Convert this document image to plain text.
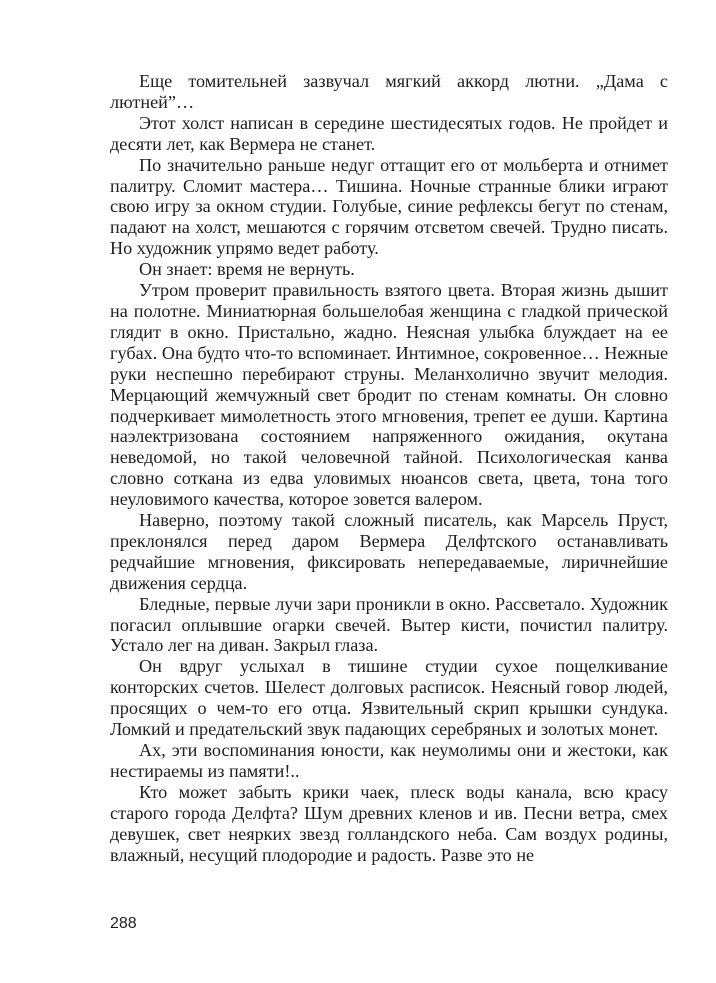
Еще томительней зазвучал мягкий аккорд лютни. „Дама с лютней”…

Этот холст написан в середине шестидесятых годов. Не пройдет и десяти лет, как Вермера не станет.

По значительно раньше недуг оттащит его от мольберта и отнимет палитру. Сломит мастера… Тишина. Ночные странные блики играют свою игру за окном студии. Голубые, синие рефлексы бегут по стенам, падают на холст, мешаются с горячим отсветом свечей. Трудно писать. Но художник упрямо ведет работу.

Он знает: время не вернуть.

Утром проверит правильность взятого цвета. Вторая жизнь дышит на полотне. Миниатюрная большелобая женщина с гладкой прической глядит в окно. Пристально, жадно. Неясная улыбка блуждает на ее губах. Она будто что-то вспоминает. Интимное, сокровенное… Нежные руки неспешно перебирают струны. Меланхолично звучит мелодия. Мерцающий жемчужный свет бродит по стенам комнаты. Он словно подчеркивает мимолетность этого мгновения, трепет ее души. Картина наэлектризована состоянием напряженного ожидания, окутана неведомой, но такой человечной тайной. Психологическая канва словно соткана из едва уловимых нюансов света, цвета, тона того неуловимого качества, которое зовется валером.

Наверно, поэтому такой сложный писатель, как Марсель Пруст, преклонялся перед даром Вермера Делфтского останавливать редчайшие мгновения, фиксировать непередаваемые, лиричнейшие движения сердца.

Бледные, первые лучи зари проникли в окно. Рассветало. Художник погасил оплывшие огарки свечей. Вытер кисти, почистил палитру. Устало лег на диван. Закрыл глаза.

Он вдруг услыхал в тишине студии сухое пощелкивание конторских счетов. Шелест долговых расписок. Неясный говор людей, просящих о чем-то его отца. Язвительный скрип крышки сундука. Ломкий и предательский звук падающих серебряных и золотых монет.

Ах, эти воспоминания юности, как неумолимы они и жестоки, как нестираемы из памяти!..

Кто может забыть крики чаек, плеск воды канала, всю красу старого города Делфта? Шум древних кленов и ив. Песни ветра, смех девушек, свет неярких звезд голландского неба. Сам воздух родины, влажный, несущий плодородие и радость. Разве это не

288
